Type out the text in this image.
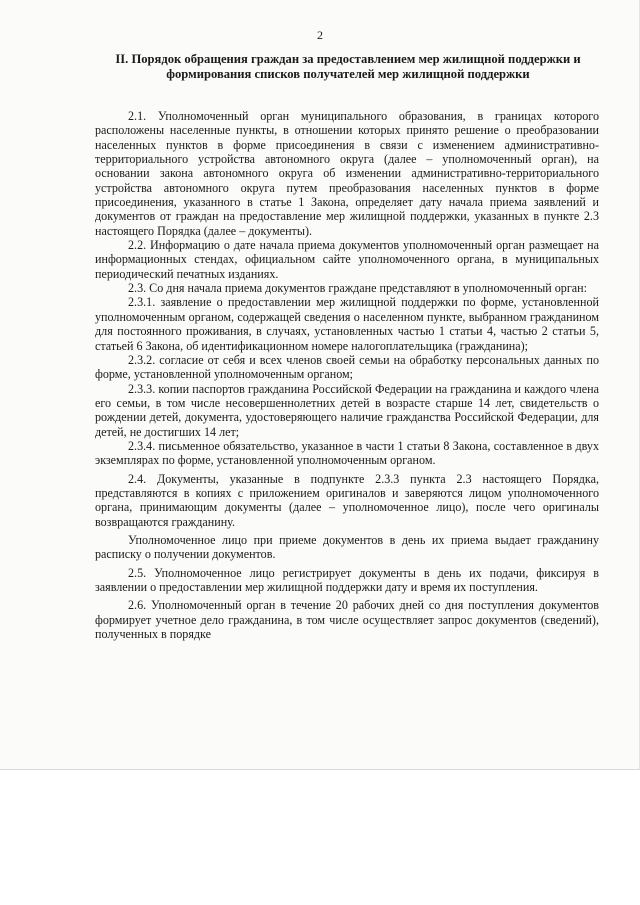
2
II. Порядок обращения граждан за предоставлением мер жилищной поддержки и формирования списков получателей мер жилищной поддержки

2.1. Уполномоченный орган муниципального образования, в границах которого расположены населенные пункты, в отношении которых принято решение о преобразовании населенных пунктов в форме присоединения в связи с изменением административно-территориального устройства автономного округа (далее – уполномоченный орган), на основании закона автономного округа об изменении административно-территориального устройства автономного округа путем преобразования населенных пунктов в форме присоединения, указанного в статье 1 Закона, определяет дату начала приема заявлений и документов от граждан на предоставление мер жилищной поддержки, указанных в пункте 2.3 настоящего Порядка (далее – документы).

2.2. Информацию о дате начала приема документов уполномоченный орган размещает на информационных стендах, официальном сайте уполномоченного органа, в муниципальных периодический печатных изданиях.

2.3. Со дня начала приема документов граждане представляют в уполномоченный орган:

2.3.1. заявление о предоставлении мер жилищной поддержки по форме, установленной уполномоченным органом, содержащей сведения о населенном пункте, выбранном гражданином для постоянного проживания, в случаях, установленных частью 1 статьи 4, частью 2 статьи 5, статьей 6 Закона, об идентификационном номере налогоплательщика (гражданина);

2.3.2. согласие от себя и всех членов своей семьи на обработку персональных данных по форме, установленной уполномоченным органом;

2.3.3. копии паспортов гражданина Российской Федерации на гражданина и каждого члена его семьи, в том числе несовершеннолетних детей в возрасте старше 14 лет, свидетельств о рождении детей, документа, удостоверяющего наличие гражданства Российской Федерации, для детей, не достигших 14 лет;

2.3.4. письменное обязательство, указанное в части 1 статьи 8 Закона, составленное в двух экземплярах по форме, установленной уполномоченным органом.

2.4. Документы, указанные в подпункте 2.3.3 пункта 2.3 настоящего Порядка, представляются в копиях с приложением оригиналов и заверяются лицом уполномоченного органа, принимающим документы (далее – уполномоченное лицо), после чего оригиналы возвращаются гражданину.

Уполномоченное лицо при приеме документов в день их приема выдает гражданину расписку о получении документов.

2.5. Уполномоченное лицо регистрирует документы в день их подачи, фиксируя в заявлении о предоставлении мер жилищной поддержки дату и время их поступления.

2.6. Уполномоченный орган в течение 20 рабочих дней со дня поступления документов формирует учетное дело гражданина, в том числе осуществляет запрос документов (сведений), полученных в порядке
